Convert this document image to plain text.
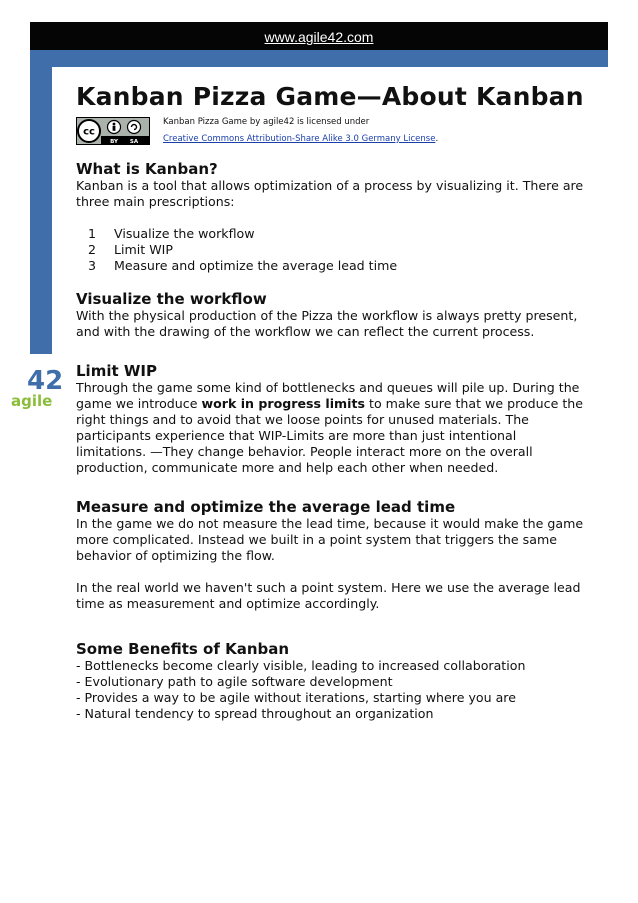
www.agile42.com
42
agile
Kanban Pizza Game—About Kanban
cc
BY SA
Kanban Pizza Game by agile42 is licensed under
Creative Commons Attribution-Share Alike 3.0 Germany License.
What is Kanban?

Kanban is a tool that allows optimization of a process by visualizing it. There are three main prescriptions:

1 Visualize the workflow
2 Limit WIP
3 Measure and optimize the average lead time
Visualize the workflow

With the physical production of the Pizza the workflow is always pretty present, and with the drawing of the workflow we can reflect the current process.

Limit WIP

Through the game some kind of bottlenecks and queues will pile up. During the game we introduce work in progress limits to make sure that we produce the right things and to avoid that we loose points for unused materials. The participants experience that WIP-Limits are more than just intentional limitations. —They change behavior. People interact more on the overall production, communicate more and help each other when needed.

Measure and optimize the average lead time

In the game we do not measure the lead time, because it would make the game more complicated. Instead we built in a point system that triggers the same behavior of optimizing the flow.

In the real world we haven't such a point system. Here we use the average lead time as measurement and optimize accordingly.

Some Benefits of Kanban
- Bottlenecks become clearly visible, leading to increased collaboration
- Evolutionary path to agile software development
- Provides a way to be agile without iterations, starting where you are
- Natural tendency to spread throughout an organization
